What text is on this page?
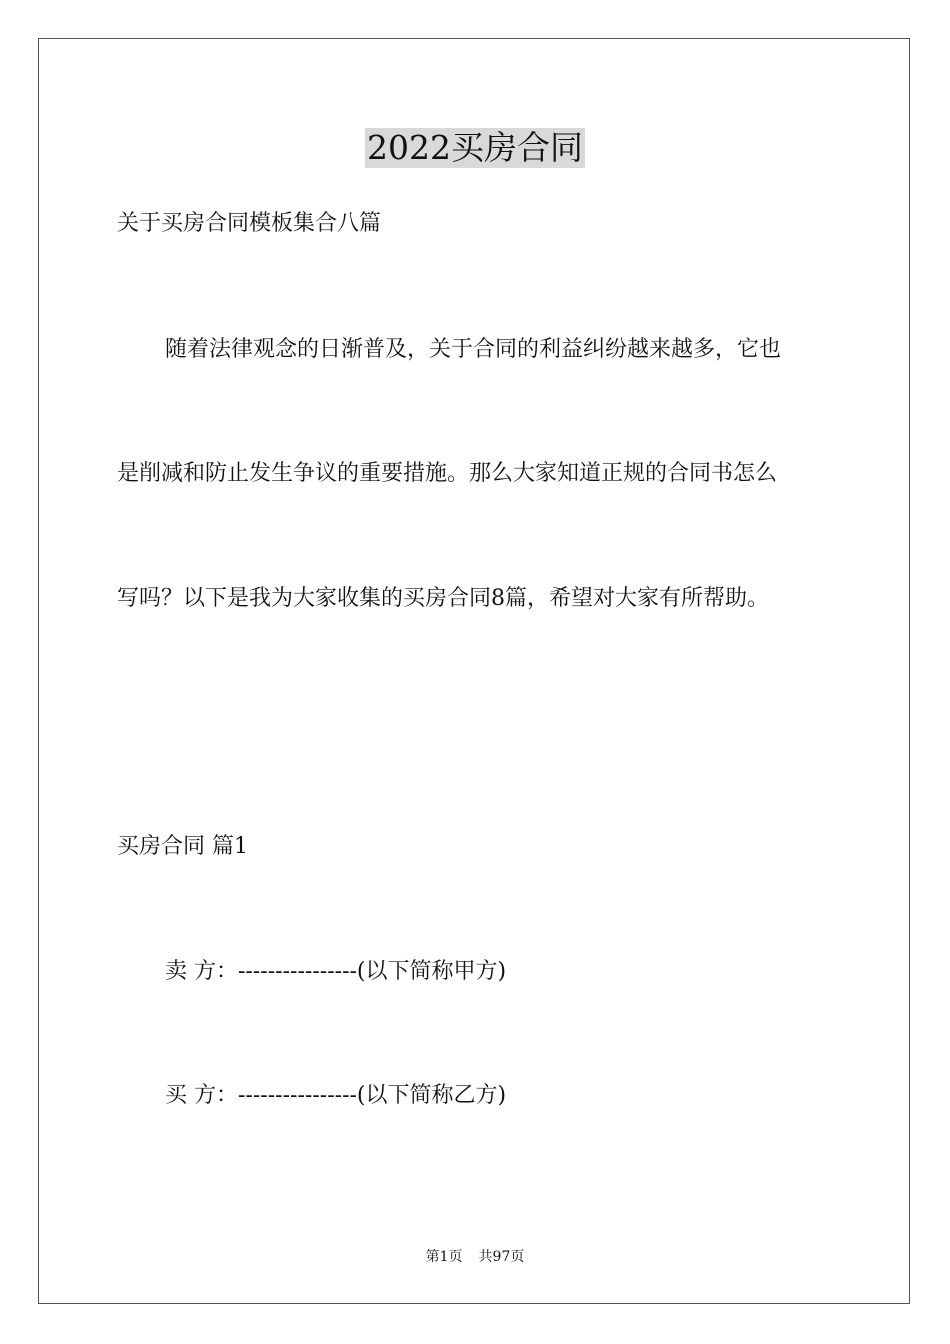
2022买房合同
关于买房合同模板集合八篇
随着法律观念的日渐普及，关于合同的利益纠纷越来越多，它也
是削减和防止发生争议的重要措施。那么大家知道正规的合同书怎么
写吗？以下是我为大家收集的买房合同8篇，希望对大家有所帮助。
买房合同 篇1
卖 方：----------------(以下简称甲方)
买 方：----------------(以下简称乙方)
第1页 共97页
